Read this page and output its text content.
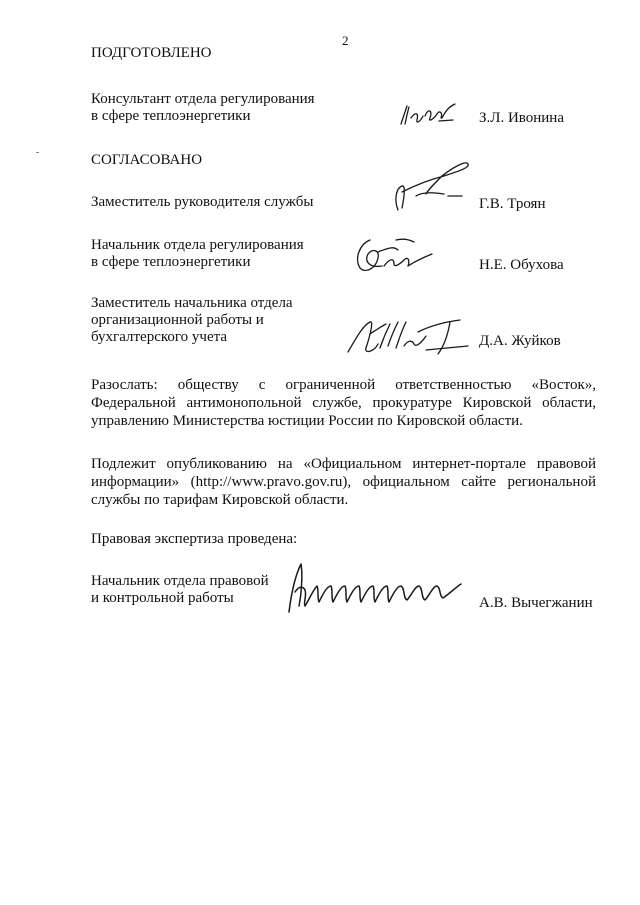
2
ПОДГОТОВЛЕНО
Консультант отдела регулирования
в сфере теплоэнергетики	З.Л. Ивонина
СОГЛАСОВАНО
Заместитель руководителя службы	Г.В. Троян
Начальник отдела регулирования
в сфере теплоэнергетики	Н.Е. Обухова
Заместитель начальника отдела
организационной работы и
бухгалтерского учета	Д.А. Жуйков
Разослать: обществу с ограниченной ответственностью «Восток», Федеральной антимонопольной службе, прокуратуре Кировской области, управлению Министерства юстиции России по Кировской области.
Подлежит опубликованию на «Официальном интернет-портале правовой информации» (http://www.pravo.gov.ru), официальном сайте региональной службы по тарифам Кировской области.
Правовая экспертиза проведена:
Начальник отдела правовой
и контрольной работы	А.В. Вычегжанин
